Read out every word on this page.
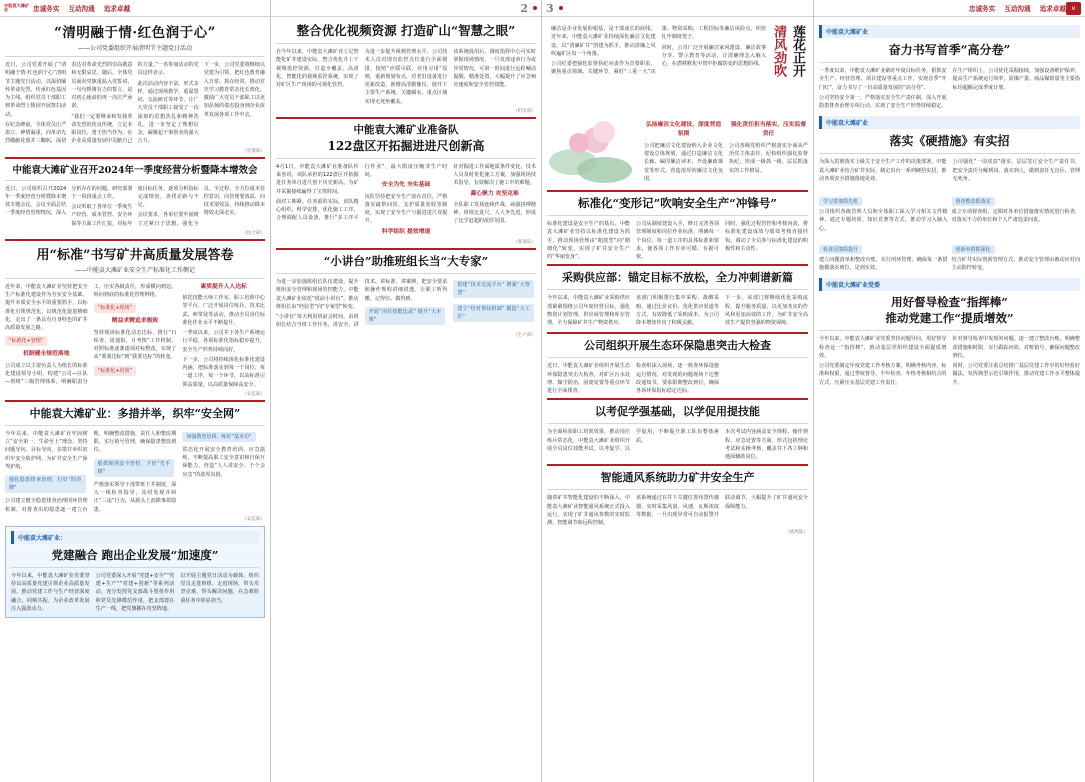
中能袁大滩矿业	忠诚务实 互动沟通 追求卓越
“清明融于情·红色润于心”
——公司党委组织开展清明节主题党日活动

近日，公司党委开展了“清明融于情·红色润于心”清明节主题党日活动，以深切缅怀革命先烈、传承红色基因为主线，组织党员干部职工到革命烈士陵园开展祭扫活动。

在纪念碑前，全体党员庄严肃立、神情凝重，向革命先烈敬献花篮并三鞠躬，深切表达对革命先烈的崇高敬意和无限哀思。随后，全体党员面向党旗重温入党誓词，一句句铿锵有力的誓言，是对初心使命的再一次庄严承诺。

“我们一定要继承和发扬革命先烈的优良传统，立足本职岗位，勇于担当作为，在企业高质量发展中贡献自己的力量。”一名参加活动的党员这样表示。

此次活动内容丰富、形式多样，通过现场教学、重温誓词、交流研讨等环节，让广大党员干部职工接受了一次深刻的思想洗礼和精神洗礼，进一步坚定了理想信念，凝聚起干事创业的强大合力。

下一步，公司党委将继续以党建为引领，把红色教育融入日常、抓在经常，推动党史学习教育常态化长效化，激励广大党员干部职工以更加昂扬的姿态投身到企业改革发展各项工作中去。

（党群部）
中能袁大滩矿业召开2024年一季度经营分析暨降本增效会

近日，公司组织召开2024年一季度经营分析暨降本增效专题会议。会议全面总结一季度经营管理情况，深入分析存在的问题，研究部署下一阶段重点工作。

会议听取了各单位一季度生产经营、成本管控、安全环保等方面工作汇报，对标年度目标任务，逐项分析指标完成情况，查找差距与不足。

会议要求，各单位要牢固树立过紧日子思想，强化全员、全过程、全方位成本管控意识，向管理要效益、向技术要效益，持续推动降本增效走深走实。

（综合部）
用“标准”书写矿井高质量发展答卷
——中能袁大滩矿业安全生产标准化工作侧记

近年来，中能袁大滩矿业坚持把安全生产标准化建设作为夯实安全基础、提升本质安全水平的重要抓手，以标准化引领规范化，以规范化促进精细化，走出了一条具有自身特色的矿井高质量发展之路。

“标准化+管理”

机制健全规范落地

公司成立以主要负责人为组长的标准化建设领导小组，构建“公司—区队—班组”三级管理体系，明确职责分工，压实各级责任，形成横向到边、纵向到底的标准化管理网络。

“标准化+现场”

精益求精追求极致

坚持现场标准化动态达标，推行“日检查、周通报、月考核”工作机制，对照标准逐条逐项对标整改，实现了从“要我达标”到“我要达标”的转变。

“标准化+培训”

素质提升人人达标

依托技能大师工作室、职工培训中心等平台，广泛开展岗位练兵、技术比武、师带徒等活动，推动全员岗位标准化作业水平不断提升。

一季度以来，公司井下各生产系统运行平稳，各项标准化指标稳步提升，安全生产形势持续向好。

下一步，公司将持续深化标准化建设内涵，把标准落实到每一个岗位、每一道工序、每一个环节，以高标准引领高质量，以高质量保障高安全。

（安监部）
中能袁大滩矿业：多措并举，织牢“安全网”

今年以来，中能袁大滩矿业牢固树立“安全第一、生命至上”理念，坚持问题导向、目标导向，多措并举织密织牢安全防护网，为矿井安全生产保驾护航。

强化隐患排查治理，打好“防范牌”

公司建立健全隐患排查治理闭环管理机制，对排查出的隐患逐一建立台账，明确整改措施、责任人和整改期限，实行销号管理，确保隐患整改到位。

狠抓现场安全管控，下好“先手棋”

严格落实领导干部带班下井制度，深入一线检查指导，及时发现并纠正“三违”行为，从源头上消除事故隐患。

加强教育培训，练好“基本功”

常态化开展安全教育培训、应急演练，不断提高职工安全意识和自保互保能力，营造“人人讲安全、个个会应急”的浓厚氛围。

（安监部）
中能袁大滩矿业：
党建融合 跑出企业发展“加速度”

今年以来，中能袁大滩矿业党委坚持以高质量党建引领企业高质量发展，推动党建工作与生产经营深度融合、同频共振，为企业改革发展注入强劲动力。

公司党委深入开展“党建+安全”“党建+生产”“党建+创新”等系列活动，充分发挥党支部战斗堡垒作用和党员先锋模范作用，把支部建在生产一线，把党旗插在攻坚阵地。

以开展主题党日活动为载体，组织党员走进班组、走进现场，带头攻坚克难，带头解决问题，在急难险重任务中彰显担当。

2
整合优化视频资源 打造矿山“智慧之眼”

自今年以来，中能袁大滩矿业立足智能化矿井建设实际，整合优化井上下视频监控资源，打造全覆盖、高清化、智能化的视频监控系统，实现了对矿区生产现场的可视化管控。

为进一步提升视频管理水平，公司技术人员对现有监控点位进行全面摸排，按照“应联尽联、应用尽用”原则，重新规划布点，对老旧设备进行更新改造，新增高清摄像仪，使井下主要生产系统、关键硐室、重点区域实现无死角覆盖。

该系统投用后，调度指挥中心可实时掌握现场情况，一旦发现违章行为或异常情况，可第一时间进行远程喊话提醒、精准处置，大幅提升了应急响应速度和安全管控效能。

（机电部）
中能袁大滩矿业准备队
122盘区开拓掘进进尺创新高

4月1日，中能袁大滩矿业准备队传来喜讯，该队承担的122盘区开拓掘进任务单月进尺创下历史新高，为矿井采掘接续赢得了宝贵时间。

面对工期紧、任务重的实际，该队精心组织、科学安排，优化施工工序，合理调配人员设备，推行“多工序平行作业”，最大限度压缩非生产时间。

安全为先 夯实基础

该队坚持把安全生产放在首位，严格落实敲帮问顶、支护质量验收等制度，实现了安全生产与掘进进尺双提升。

科学组织 提效增速

针对掘进工作面地质条件变化，技术人员及时优化施工方案，加强现场技术指导，有效解决了施工中的难题。

凝心聚力 攻坚克难

全队职工发扬连续作战、顽强拼搏精神，班班比进尺、人人争先进，形成了比学赶超的浓厚氛围。

（准备队）
“小讲台”助推班组长当“大专家”

为进一步加强班组长队伍建设，提升班组安全管理和现场管控能力，中能袁大滩矿业依托“班前小讲台”，推动班组长由“经验型”向“专家型”转变。

“小讲台”每天利用班前会时间，由班组长结合当班工作任务，讲安全、讲技术、讲标准、讲案例，把安全要求和操作规程讲细讲透，让职工听得懂、记得住、做得到。

开展“岗位技能比武” 提升“大本领”

搭建“技术交流平台” 增强“大智慧”

建立“结对帮扶机制” 锻造“大工匠”

（生产部）
3

廉洁是企业发展的根基，是干部成长的底线。近年来，中能袁大滩矿业持续深化廉洁文化建设，以“清廉矿井”创建为抓手，推动清廉之风吹遍矿区每一个角落。

公司纪委把强化监督执纪问责作为首要职责，聚焦重点领域、关键环节，紧盯“三重一大”决策、物资采购、工程招标等廉洁风险点，织密扎牢制度笼子。

同时，公司广泛开展廉洁家风建设、廉洁故事分享、警示教育等活动，让清廉理念入脑入心，在潜移默化中筑牢拒腐防变的思想防线。 清风劲吹 莲花正开

弘扬廉洁文化建设，深度营造氛围

公司把廉洁文化建设纳入企业文化建设总体规划，通过打造廉洁文化长廊、编印廉洁读本、开设廉政课堂等形式，营造浓厚的廉洁文化氛围。

强化责任担当落实，压实监督责任

公司各级党组织严格落实全面从严治党主体责任，纪检组织强化监督执纪，形成一级抓一级、层层抓落实的工作格局。

标准化“变形记”吹响安全生产“冲锋号”

标准化建设是安全生产的基石。中能袁大滩矿业坚持以标准化建设为抓手，推动现场管理由“粗放型”向“精细化”转变，实现了矿井安全生产的“华丽变身”。

公司从制度建设入手，修订完善各项管理制度和岗位作业标准，明确每一个岗位、每一道工序的具体标准和要求，使各项工作有章可循、有据可依。

同时，强化过程管控和考核问责，将标准化建设成效与绩效考核直接挂钩，调动了全员参与标准化建设的积极性和主动性。

采购供应部：锚定目标不放松，全力冲刺谱新篇

今年以来，中能袁大滩矿业采购供应部紧紧围绕公司年度经营目标，强化物资计划管理、供应商管理和库存管理，全力保障矿井生产物资供应。

该部门积极推行集中采购、战略采购，通过比价议价、优化供应渠道等方式，有效降低了采购成本，为公司降本增效作出了积极贡献。

下一步，该部门将继续优化采购流程，提升服务质量，以更加务实的作风和更加高效的工作，为矿井安全高效生产提供坚强的物资保障。

公司组织开展生态环保隐患突击大检查

近日，中能袁大滩矿业组织开展生态环保隐患突击大检查，对矿区污水处理、煤尘防治、固废处置等重点环节进行全面排查。

检查组深入现场，逐一核查环保设施运行情况，对发现的问题现场下达整改通知书，要求限期整改到位，确保各项环保指标稳定达标。

以考促学强基础，以学促用提技能

为全面检验职工培训效果，推动岗位练兵常态化，中能袁大滩矿业组织开展全员岗位技能考试，以考促学、以学促用，不断提升职工队伍整体素质。

本次考试内容涵盖安全规程、操作规程、应急处置等方面，形式包括理论考试和实操考核，覆盖井下各工种和地面辅助岗位。

智能通风系统助力矿井安全生产

随着矿井智能化建设的不断深入，中能袁大滩矿业智能通风系统正式投入运行，实现了矿井通风参数的实时监测、智能调节和远程控制。

该系统通过在井下关键位置布置传感器，实时采集风量、风速、瓦斯浓度等数据，一旦出现异常可自动报警并联动调节，大幅提升了矿井通风安全保障能力。

（通风队）
忠诚务实 互动沟通 追求卓越	M
中能袁大滩矿业
奋力书写首季“高分卷”

一季度以来，中能袁大滩矿业紧盯年度目标任务，狠抓安全生产、经营管理、项目建设等重点工作，实现首季“开门红”，奋力书写了一份高质量发展的“高分卷”。

公司坚持安全第一，严格落实安全生产责任制，深入开展隐患排查治理专项行动，实现了安全生产形势持续稳定。

在生产组织上，公司优化采掘接续，加强设备维护保养，提高生产系统运行效率，原煤产量、商品煤销量等主要指标均超额完成季度计划。

中能袁大滩矿业
落实《硬措施》有实招

为深入贯彻落实上级关于安全生产工作的决策部署，中能袁大滩矿业结合矿井实际，制定出台一系列硬招实招，推动各项安全措施落地见效。

公司强化“一岗双责”落实，层层签订安全生产责任书，把安全责任分解到岗、落实到人，做到责任无盲区、管理无死角。

学习贯彻抓先机
公司组织各级管理人员和全体职工深入学习相关文件精神，通过专题培训、知识竞赛等方式，推动学习入脑入心。
督查整改抓落实
成立专项督查组，定期对各单位措施落实情况进行检查，对落实不力的单位和个人严肃追责问责。
检查反馈抓提升
建立问题清单和整改台账，实行闭环管理，确保每一条措施都落实到位、见到实效。
创新举措抓深化
结合矿井实际创新管理方式，推动安全管理由被动应对向主动防控转变。
中能袁大滩矿业党委
用好督导检查“指挥棒”
推动党建工作“提质增效”

今年以来，中能袁大滩矿业党委坚持问题导向，用好督导检查这一“指挥棒”，推动基层党组织建设全面提质增效。

公司党委制定年度党建工作考核方案，明确考核内容、标准和权重，通过季度督导、半年检查、年终考核相结合的方式，压紧压实基层党建工作责任。

针对督导检查中发现的问题，逐一建立整改台账，明确整改措施和时限，实行跟踪问效、对账销号，确保问题整改到位。

同时，公司党委注重总结推广基层党建工作中的好经验好做法，发挥典型示范引领作用，推动党建工作水平整体提升。
